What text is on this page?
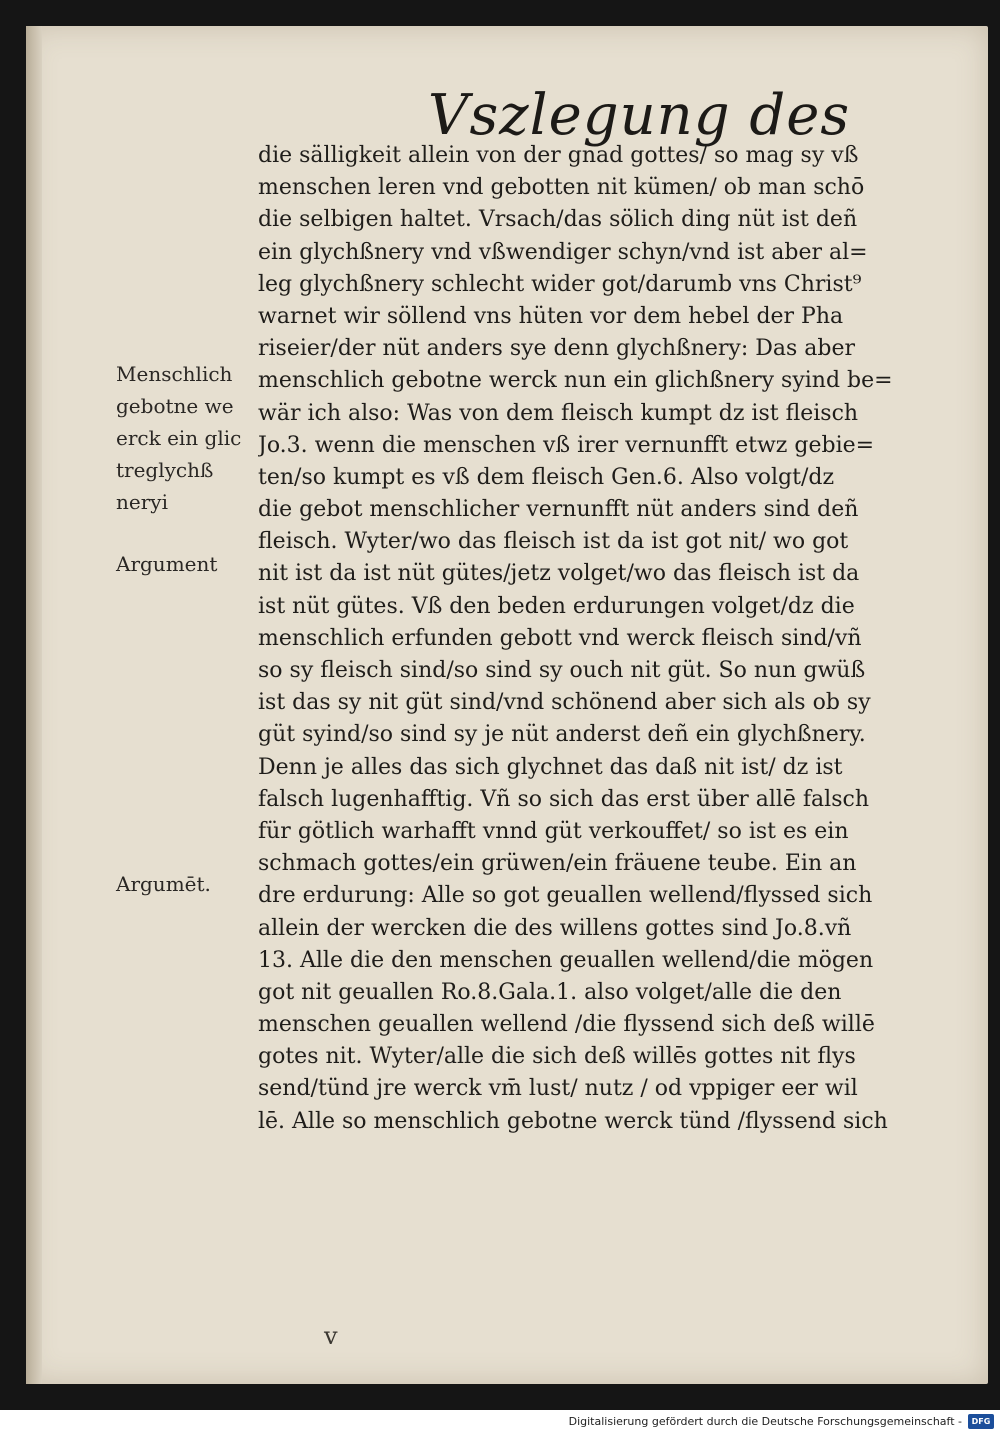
Vszlegung des
die sälligkeit allein von der gnad gottes/ so mag sy vß
menschen leren vnd gebotten nit kümen/ ob man schō
die selbigen haltet. Vrsach/das sölich ding nüt ist deñ
ein glychßnery vnd vßwendiger schyn/vnd ist aber al=
leg glychßnery schlecht wider got/darumb vns Christ⁹
warnet wir söllend vns hüten vor dem hebel der Pha
riseier/der nüt anders sye denn glychßnery: Das aber
menschlich gebotne werck nun ein glichßnery syind be=
wär ich also: Was von dem fleisch kumpt dz ist fleisch
Jo.3. wenn die menschen vß irer vernunfft etwz gebie=
ten/so kumpt es vß dem fleisch Gen.6. Also volgt/dz
die gebot menschlicher vernunfft nüt anders sind deñ
fleisch. Wyter/wo das fleisch ist da ist got nit/ wo got
nit ist da ist nüt gütes/jetz volget/wo das fleisch ist da
ist nüt gütes. Vß den beden erdurungen volget/dz die
menschlich erfunden gebott vnd werck fleisch sind/vñ
so sy fleisch sind/so sind sy ouch nit güt. So nun gwüß
ist das sy nit güt sind/vnd schönend aber sich als ob sy
güt syind/so sind sy je nüt anderst deñ ein glychßnery.
Denn je alles das sich glychnet das daß nit ist/ dz ist
falsch lugenhafftig. Vñ so sich das erst über allē falsch
für götlich warhafft vnnd güt verkouffet/ so ist es ein
schmach gottes/ein grüwen/ein fräuene teube. Ein an
dre erdurung: Alle so got geuallen wellend/flyssed sich
allein der wercken die des willens gottes sind Jo.8.vñ
13. Alle die den menschen geuallen wellend/die mögen
got nit geuallen Ro.8.Gala.1. also volget/alle die den
menschen geuallen wellend /die flyssend sich deß willē
gotes nit. Wyter/alle die sich deß willēs gottes nit flys
send/tünd jre werck vm̄ lust/ nutz / od vppiger eer wil
lē. Alle so menschlich gebotne werck tünd /flyssend sich
Menschlich
gebotne we
erck ein glic
treglychß
neryi
Argument
Argumēt.
v
Digitalisierung gefördert durch die Deutsche Forschungsgemeinschaft -	DFG
